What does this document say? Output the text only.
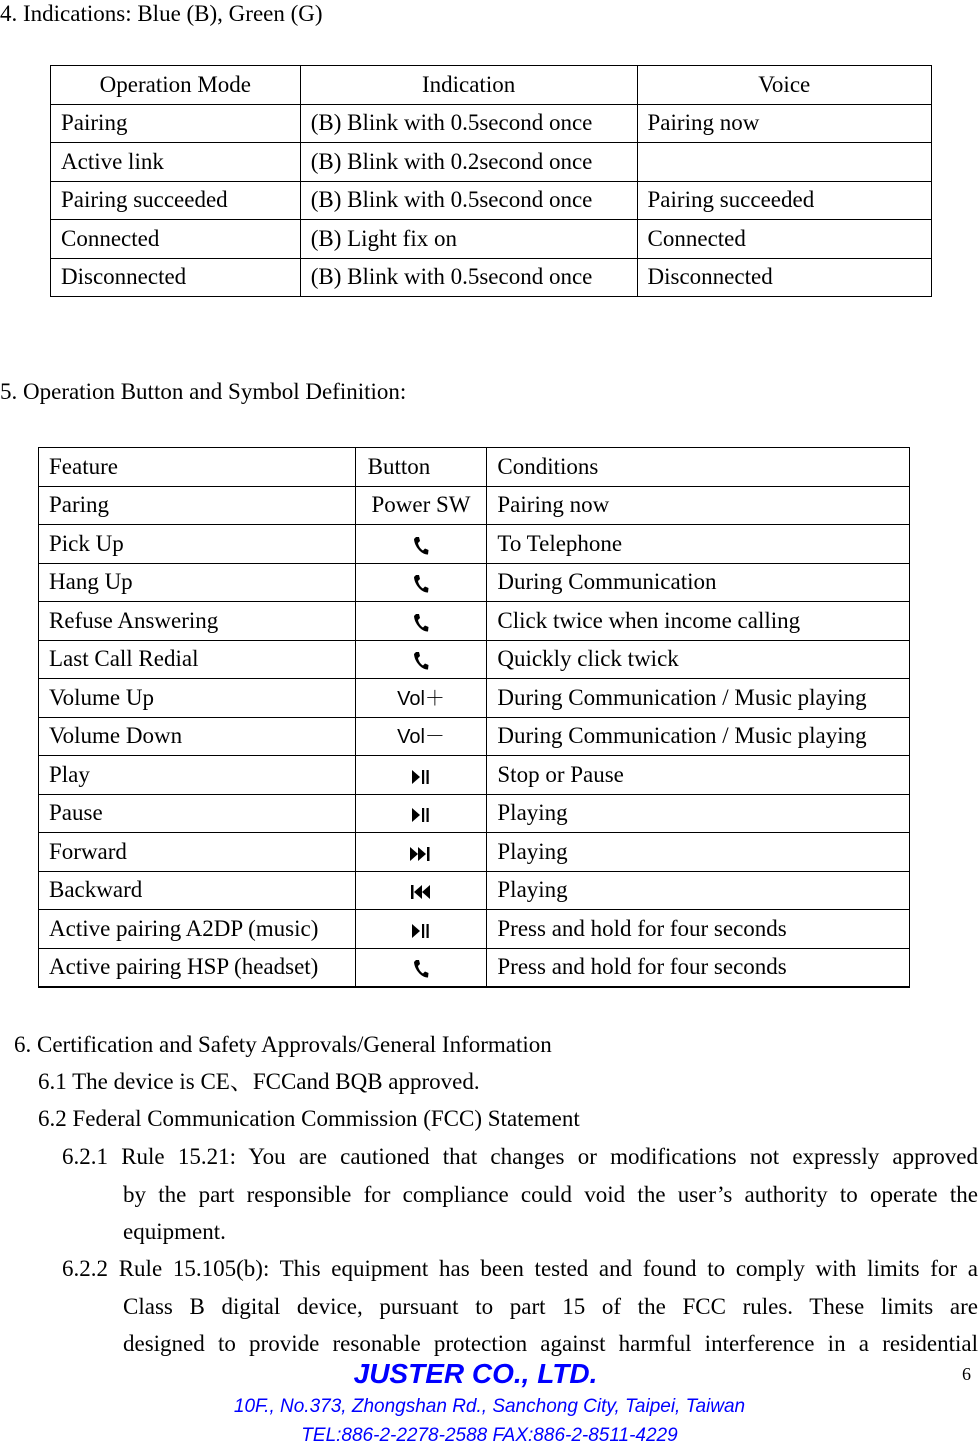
4. Indications: Blue (B), Green (G)
Operation Mode	Indication	Voice
Pairing	(B) Blink with 0.5second once	Pairing now
Active link	(B) Blink with 0.2second once	
Pairing succeeded	(B) Blink with 0.5second once	Pairing succeeded
Connected	(B) Light fix on	Connected
Disconnected	(B) Blink with 0.5second once	Disconnected
5. Operation Button and Symbol Definition:
Feature	Button	Conditions
Paring	Power SW	Pairing now
Pick Up		To Telephone
Hang Up		During Communication
Refuse Answering		Click twice when income calling
Last Call Redial		Quickly click twick
Volume Up	Vol＋	During Communication / Music playing
Volume Down	Vol－	During Communication / Music playing
Play		Stop or Pause
Pause		Playing
Forward		Playing
Backward		Playing
Active pairing A2DP (music)		Press and hold for four seconds
Active pairing HSP (headset)		Press and hold for four seconds
6. Certification and Safety Approvals/General Information
6.1 The device is CE、FCCand BQB approved.
6.2 Federal Communication Commission (FCC) Statement
6.2.1 Rule 15.21: You are cautioned that changes or modifications not expressly approved
by the part responsible for compliance could void the user’s authority to operate the
equipment.
6.2.2 Rule 15.105(b): This equipment has been tested and found to comply with limits for a
Class B digital device, pursuant to part 15 of the FCC rules. These limits are
designed to provide resonable protection against harmful interference in a residential
6
JUSTER CO., LTD.
10F., No.373, Zhongshan Rd., Sanchong City, Taipei, Taiwan
TEL:886-2-2278-2588 FAX:886-2-8511-4229
